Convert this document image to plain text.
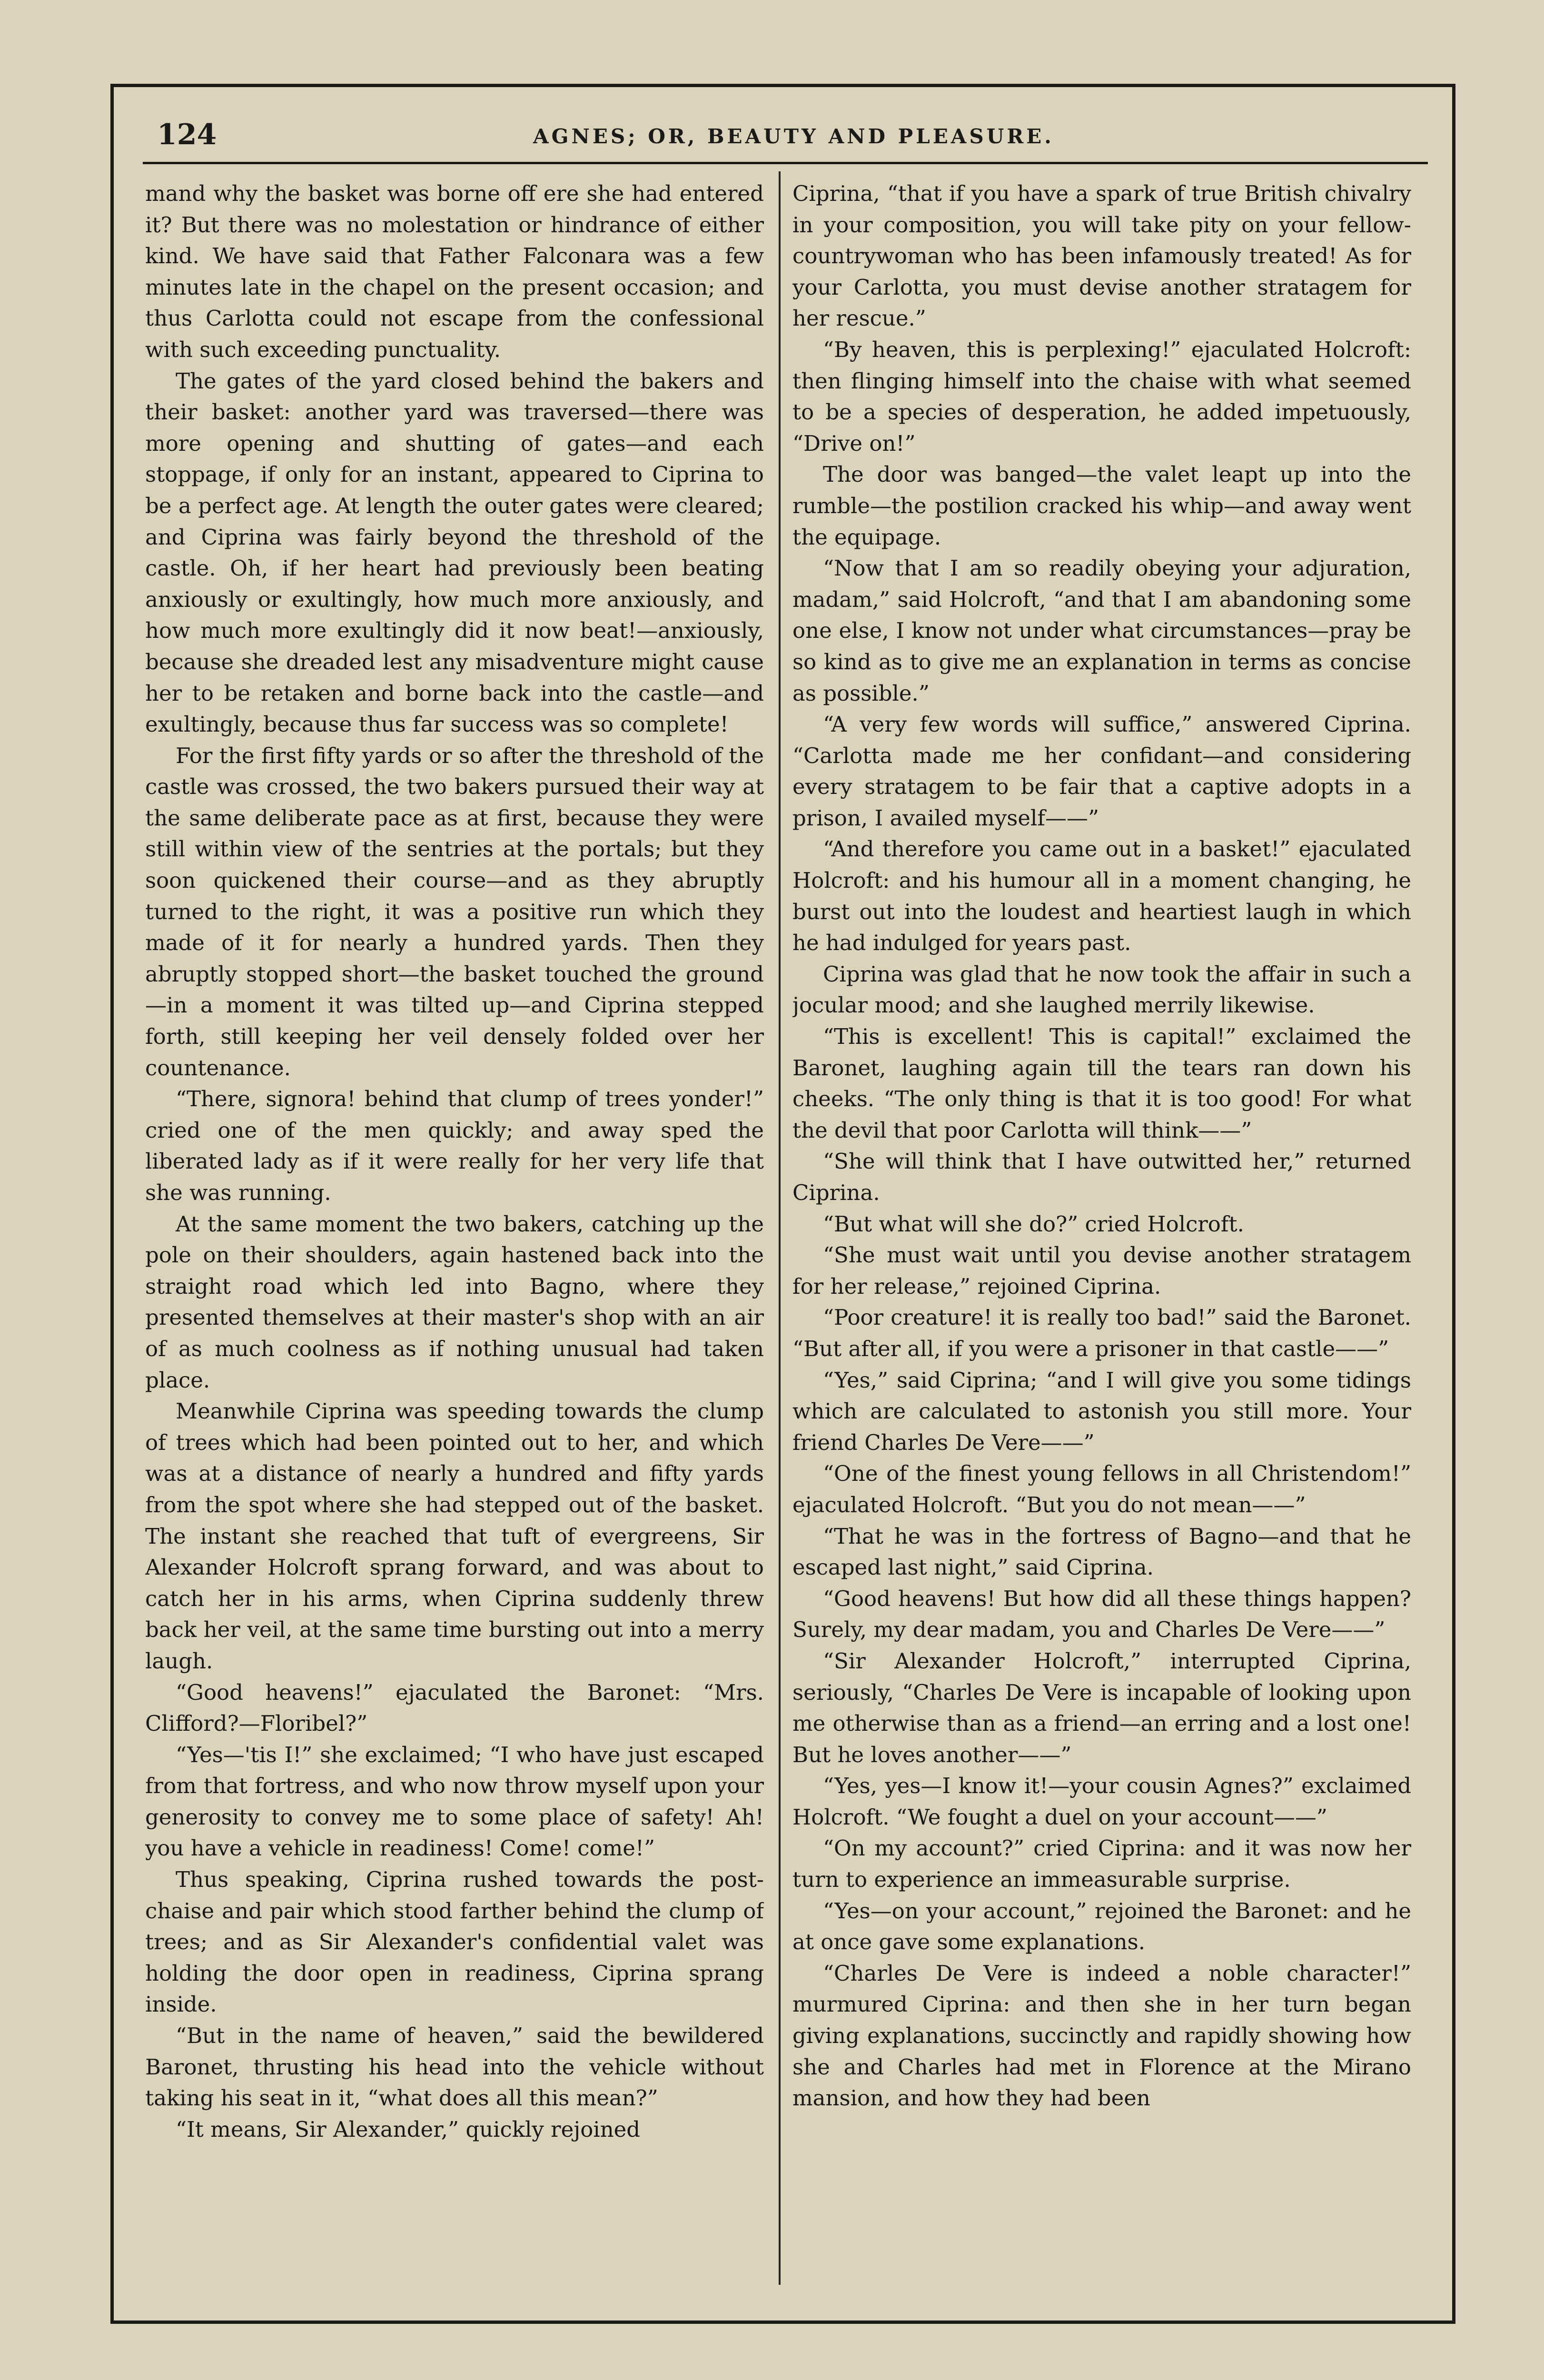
124	AGNES; OR, BEAUTY AND PLEASURE.

mand why the basket was borne off ere she had entered it? But there was no molestation or hindrance of either kind. We have said that Father Falconara was a few minutes late in the chapel on the present occasion; and thus Carlotta could not escape from the confessional with such exceeding punctuality.

The gates of the yard closed behind the bakers and their basket: another yard was traversed—there was more opening and shutting of gates—and each stoppage, if only for an instant, appeared to Ciprina to be a perfect age. At length the outer gates were cleared; and Ciprina was fairly beyond the threshold of the castle. Oh, if her heart had previously been beating anxiously or exultingly, how much more anxiously, and how much more exultingly did it now beat!—anxiously, because she dreaded lest any misadventure might cause her to be retaken and borne back into the castle—and exultingly, because thus far success was so complete!

For the first fifty yards or so after the threshold of the castle was crossed, the two bakers pursued their way at the same deliberate pace as at first, because they were still within view of the sentries at the portals; but they soon quickened their course—and as they abruptly turned to the right, it was a positive run which they made of it for nearly a hundred yards. Then they abruptly stopped short—the basket touched the ground—in a moment it was tilted up—and Ciprina stepped forth, still keeping her veil densely folded over her countenance.

“There, signora! behind that clump of trees yonder!” cried one of the men quickly; and away sped the liberated lady as if it were really for her very life that she was running.

At the same moment the two bakers, catching up the pole on their shoulders, again hastened back into the straight road which led into Bagno, where they presented themselves at their master's shop with an air of as much coolness as if nothing unusual had taken place.

Meanwhile Ciprina was speeding towards the clump of trees which had been pointed out to her, and which was at a distance of nearly a hundred and fifty yards from the spot where she had stepped out of the basket. The instant she reached that tuft of evergreens, Sir Alexander Holcroft sprang forward, and was about to catch her in his arms, when Ciprina suddenly threw back her veil, at the same time bursting out into a merry laugh.

“Good heavens!” ejaculated the Baronet: “Mrs. Clifford?—Floribel?”

“Yes—'tis I!” she exclaimed; “I who have just escaped from that fortress, and who now throw myself upon your generosity to convey me to some place of safety! Ah! you have a vehicle in readiness! Come! come!”

Thus speaking, Ciprina rushed towards the post-chaise and pair which stood farther behind the clump of trees; and as Sir Alexander's confidential valet was holding the door open in readiness, Ciprina sprang inside.

“But in the name of heaven,” said the bewildered Baronet, thrusting his head into the vehicle without taking his seat in it, “what does all this mean?”

“It means, Sir Alexander,” quickly rejoined

Ciprina, “that if you have a spark of true British chivalry in your composition, you will take pity on your fellow-countrywoman who has been infamously treated! As for your Carlotta, you must devise another stratagem for her rescue.”

“By heaven, this is perplexing!” ejaculated Holcroft: then flinging himself into the chaise with what seemed to be a species of desperation, he added impetuously, “Drive on!”

The door was banged—the valet leapt up into the rumble—the postilion cracked his whip—and away went the equipage.

“Now that I am so readily obeying your adjuration, madam,” said Holcroft, “and that I am abandoning some one else, I know not under what circumstances—pray be so kind as to give me an explanation in terms as concise as possible.”

“A very few words will suffice,” answered Ciprina. “Carlotta made me her confidant—and considering every stratagem to be fair that a captive adopts in a prison, I availed myself——”

“And therefore you came out in a basket!” ejaculated Holcroft: and his humour all in a moment changing, he burst out into the loudest and heartiest laugh in which he had indulged for years past.

Ciprina was glad that he now took the affair in such a jocular mood; and she laughed merrily likewise.

“This is excellent! This is capital!” exclaimed the Baronet, laughing again till the tears ran down his cheeks. “The only thing is that it is too good! For what the devil that poor Carlotta will think——”

“She will think that I have outwitted her,” returned Ciprina.

“But what will she do?” cried Holcroft.

“She must wait until you devise another stratagem for her release,” rejoined Ciprina.

“Poor creature! it is really too bad!” said the Baronet. “But after all, if you were a prisoner in that castle——”

“Yes,” said Ciprina; “and I will give you some tidings which are calculated to astonish you still more. Your friend Charles De Vere——”

“One of the finest young fellows in all Christendom!” ejaculated Holcroft. “But you do not mean——”

“That he was in the fortress of Bagno—and that he escaped last night,” said Ciprina.

“Good heavens! But how did all these things happen? Surely, my dear madam, you and Charles De Vere——”

“Sir Alexander Holcroft,” interrupted Ciprina, seriously, “Charles De Vere is incapable of looking upon me otherwise than as a friend—an erring and a lost one! But he loves another——”

“Yes, yes—I know it!—your cousin Agnes?” exclaimed Holcroft. “We fought a duel on your account——”

“On my account?” cried Ciprina: and it was now her turn to experience an immeasurable surprise.

“Yes—on your account,” rejoined the Baronet: and he at once gave some explanations.

“Charles De Vere is indeed a noble character!” murmured Ciprina: and then she in her turn began giving explanations, succinctly and rapidly showing how she and Charles had met in Florence at the Mirano mansion, and how they had been
